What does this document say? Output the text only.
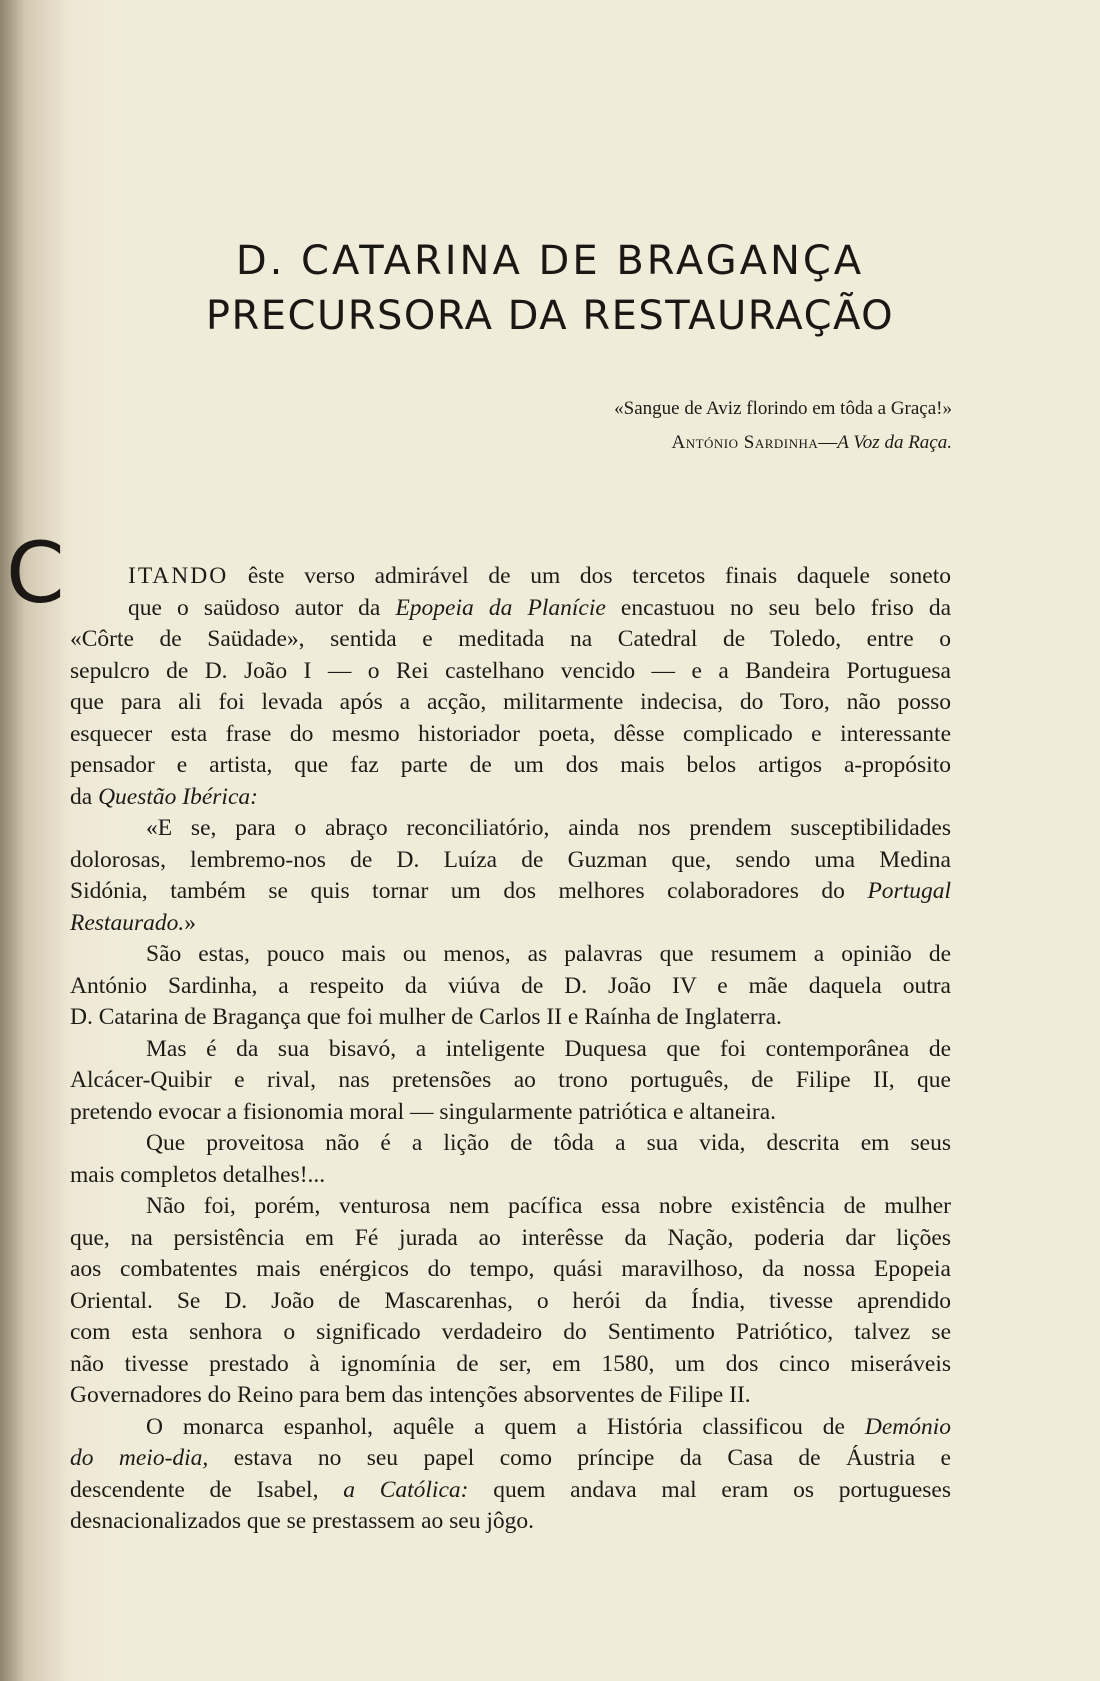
D. CATARINA DE BRAGANÇA
PRECURSORA DA RESTAURAÇÃO
«Sangue de Aviz florindo em tôda a Graça!»
António Sardinha—A Voz da Raça.
C	ITANDO êste verso admirável de um dos tercetos finais daquele soneto
que o saüdoso autor da Epopeia da Planície encastuou no seu belo friso da
«Côrte de Saüdade», sentida e meditada na Catedral de Toledo, entre o
sepulcro de D. João I — o Rei castelhano vencido — e a Bandeira Portuguesa
que para ali foi levada após a acção, militarmente indecisa, do Toro, não posso
esquecer esta frase do mesmo historiador poeta, dêsse complicado e interessante
pensador e artista, que faz parte de um dos mais belos artigos a-propósito
da Questão Ibérica:
«E se, para o abraço reconciliatório, ainda nos prendem susceptibilidades
dolorosas, lembremo-nos de D. Luíza de Guzman que, sendo uma Medina
Sidónia, também se quis tornar um dos melhores colaboradores do Portugal
Restaurado.»
São estas, pouco mais ou menos, as palavras que resumem a opinião de
António Sardinha, a respeito da viúva de D. João IV e mãe daquela outra
D. Catarina de Bragança que foi mulher de Carlos II e Raínha de Inglaterra.
Mas é da sua bisavó, a inteligente Duquesa que foi contemporânea de
Alcácer-Quibir e rival, nas pretensões ao trono português, de Filipe II, que
pretendo evocar a fisionomia moral — singularmente patriótica e altaneira.
Que proveitosa não é a lição de tôda a sua vida, descrita em seus
mais completos detalhes!...
Não foi, porém, venturosa nem pacífica essa nobre existência de mulher
que, na persistência em Fé jurada ao interêsse da Nação, poderia dar lições
aos combatentes mais enérgicos do tempo, quási maravilhoso, da nossa Epopeia
Oriental. Se D. João de Mascarenhas, o herói da Índia, tivesse aprendido
com esta senhora o significado verdadeiro do Sentimento Patriótico, talvez se
não tivesse prestado à ignomínia de ser, em 1580, um dos cinco miseráveis
Governadores do Reino para bem das intenções absorventes de Filipe II.
O monarca espanhol, aquêle a quem a História classificou de Demónio
do meio-dia, estava no seu papel como príncipe da Casa de Áustria e
descendente de Isabel, a Católica: quem andava mal eram os portugueses
desnacionalizados que se prestassem ao seu jôgo.
